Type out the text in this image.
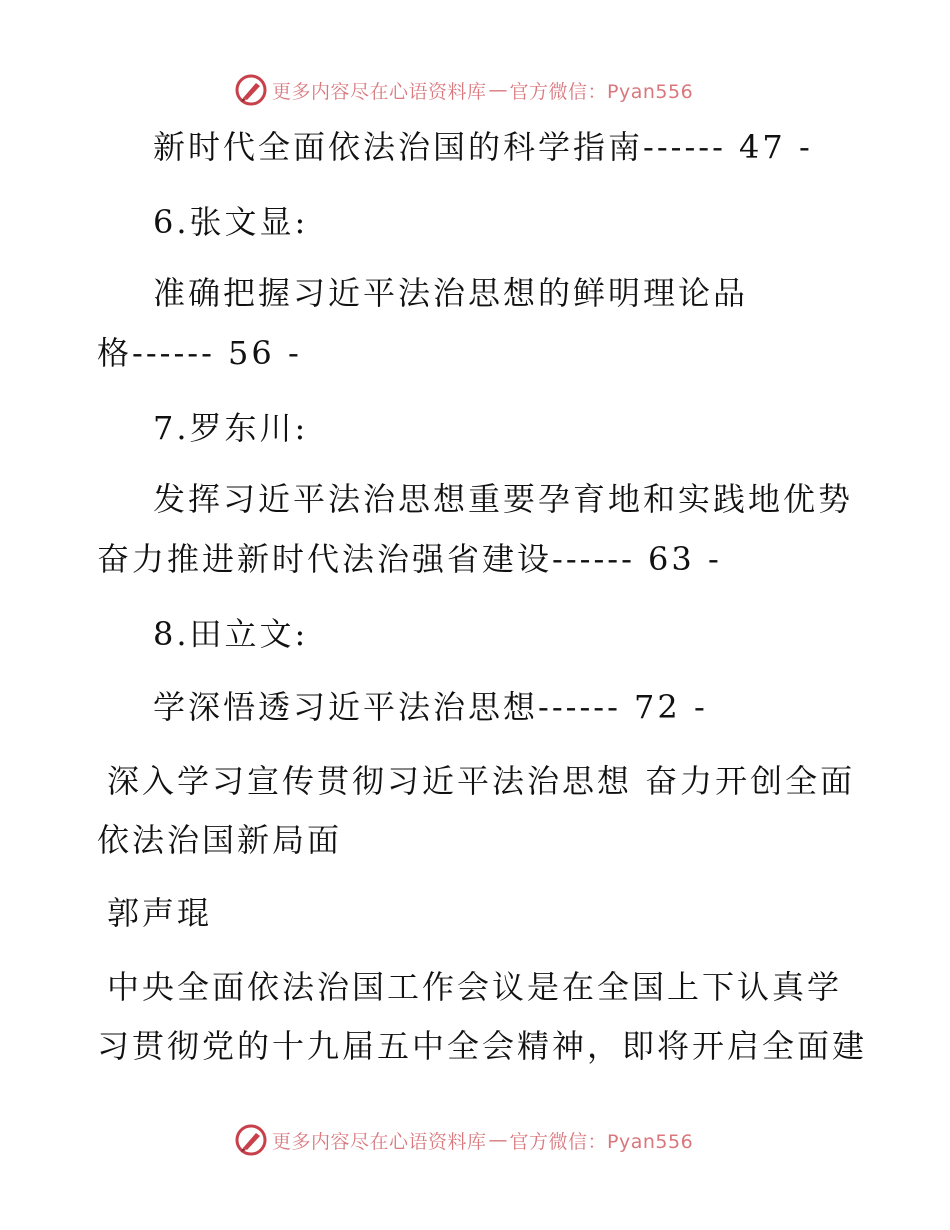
更多内容尽在心语资料库 — 官方微信：Pyan556
新时代全面依法治国的科学指南------ 47 -
6.张文显:
准确把握习近平法治思想的鲜明理论品
格------ 56 -
7.罗东川:
发挥习近平法治思想重要孕育地和实践地优势
奋力推进新时代法治强省建设------ 63 -
8.田立文:
学深悟透习近平法治思想------ 72 -
深入学习宣传贯彻习近平法治思想 奋力开创全面
依法治国新局面
郭声琨
中央全面依法治国工作会议是在全国上下认真学
习贯彻党的十九届五中全会精神，即将开启全面建
更多内容尽在心语资料库 — 官方微信：Pyan556
